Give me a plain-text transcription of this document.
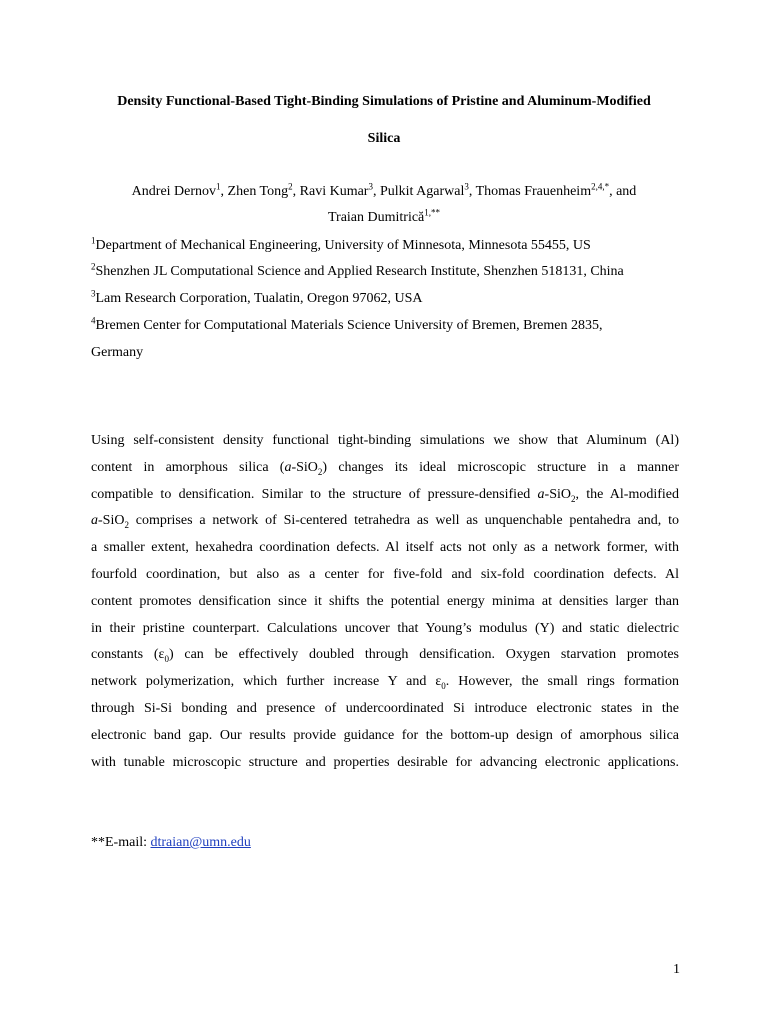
Density Functional-Based Tight-Binding Simulations of Pristine and Aluminum-Modified
Silica
Andrei Dernov$^1$, Zhen Tong$^2$, Ravi Kumar$^3$, Pulkit Agarwal$^3$, Thomas Frauenheim$^{2,4,*}$, and
Traian Dumitrică$^{1,**}$
$^1$Department of Mechanical Engineering, University of Minnesota, Minnesota 55455, US
$^2$Shenzhen JL Computational Science and Applied Research Institute, Shenzhen 518131, China
$^3$Lam Research Corporation, Tualatin, Oregon 97062, USA
$^4$Bremen Center for Computational Materials Science University of Bremen, Bremen 2835,
Germany
Using self-consistent density functional tight-binding simulations we show that Aluminum (Al)
content in amorphous silica (a-SiO$_2$) changes its ideal microscopic structure in a manner
compatible to densification. Similar to the structure of pressure-densified a-SiO$_2$, the Al-modified
a-SiO$_2$ comprises a network of Si-centered tetrahedra as well as unquenchable pentahedra and, to
a smaller extent, hexahedra coordination defects. Al itself acts not only as a network former, with
fourfold coordination, but also as a center for five-fold and six-fold coordination defects. Al
content promotes densification since it shifts the potential energy minima at densities larger than
in their pristine counterpart. Calculations uncover that Young’s modulus (Y) and static dielectric
constants $(\varepsilon_0)$ can be effectively doubled through densification. Oxygen starvation promotes
network polymerization, which further increase Y and $\varepsilon_0$. However, the small rings formation
through Si-Si bonding and presence of undercoordinated Si introduce electronic states in the
electronic band gap. Our results provide guidance for the bottom-up design of amorphous silica
with tunable microscopic structure and properties desirable for advancing electronic applications.
**E-mail: dtraian@umn.edu
1
